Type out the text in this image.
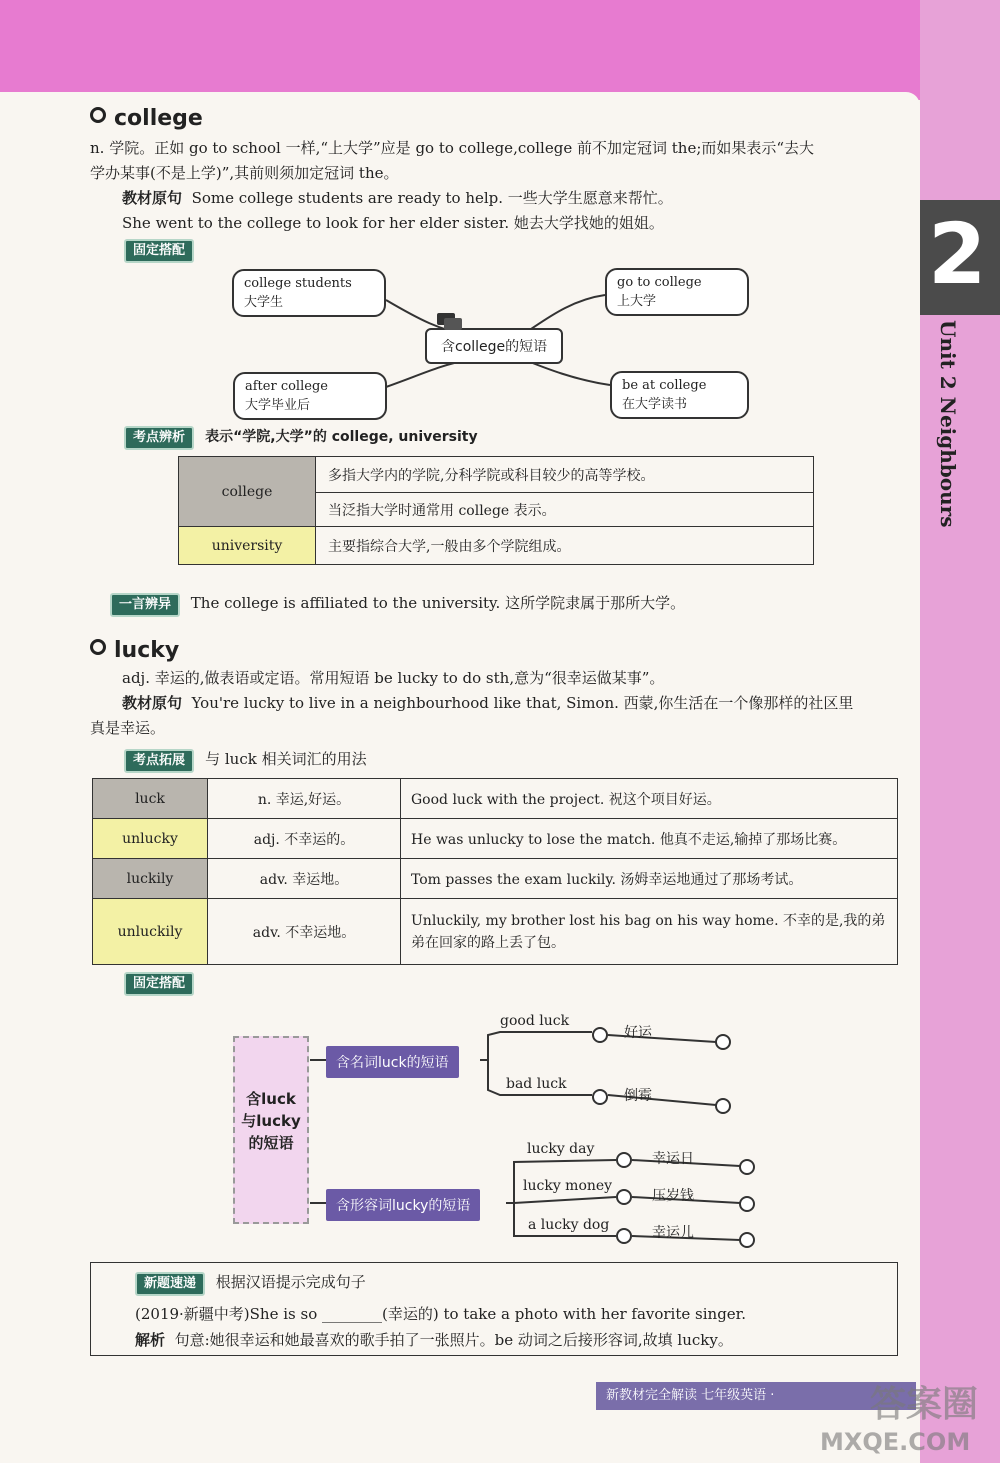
2
Unit 2 Neighbours
college
n. 学院。正如 go to school 一样,“上大学”应是 go to college,college 前不加定冠词 the;而如果表示“去大
学办某事(不是上学)”,其前则须加定冠词 the。
教材原句 Some college students are ready to help. 一些大学生愿意来帮忙。
She went to the college to look for her elder sister. 她去大学找她的姐姐。
固定搭配
college students
大学生
go to college
上大学
after college
大学毕业后
be at college
在大学读书
含college的短语
考点辨析 表示“学院,大学”的 college, university
college	多指大学内的学院,分科学院或科目较少的高等学校。
	当泛指大学时通常用 college 表示。
university	主要指综合大学,一般由多个学院组成。
一言辨异 The college is affiliated to the university. 这所学院隶属于那所大学。
lucky
adj. 幸运的,做表语或定语。常用短语 be lucky to do sth,意为“很幸运做某事”。
教材原句 You're lucky to live in a neighbourhood like that, Simon. 西蒙,你生活在一个像那样的社区里
真是幸运。
考点拓展 与 luck 相关词汇的用法
luck	n. 幸运,好运。	Good luck with the project. 祝这个项目好运。
unlucky	adj. 不幸运的。	He was unlucky to lose the match. 他真不走运,输掉了那场比赛。
luckily	adv. 幸运地。	Tom passes the exam luckily. 汤姆幸运地通过了那场考试。
unluckily	adv. 不幸运地。	Unluckily, my brother lost his bag on his way home. 不幸的是,我的弟弟在回家的路上丢了包。
固定搭配
含luck
与lucky
的短语
含名词luck的短语
含形容词lucky的短语
good luck
好运
bad luck
倒霉
lucky day
幸运日
lucky money
压岁钱
a lucky dog	幸运儿
新题速递 根据汉语提示完成句子
(2019·新疆中考)She is so ________(幸运的) to take a photo with her favorite singer.
解析 句意:她很幸运和她最喜欢的歌手拍了一张照片。be 动词之后接形容词,故填 lucky。
新教材完全解读 七年级英语 ·	答案圈
MXQE.COM
